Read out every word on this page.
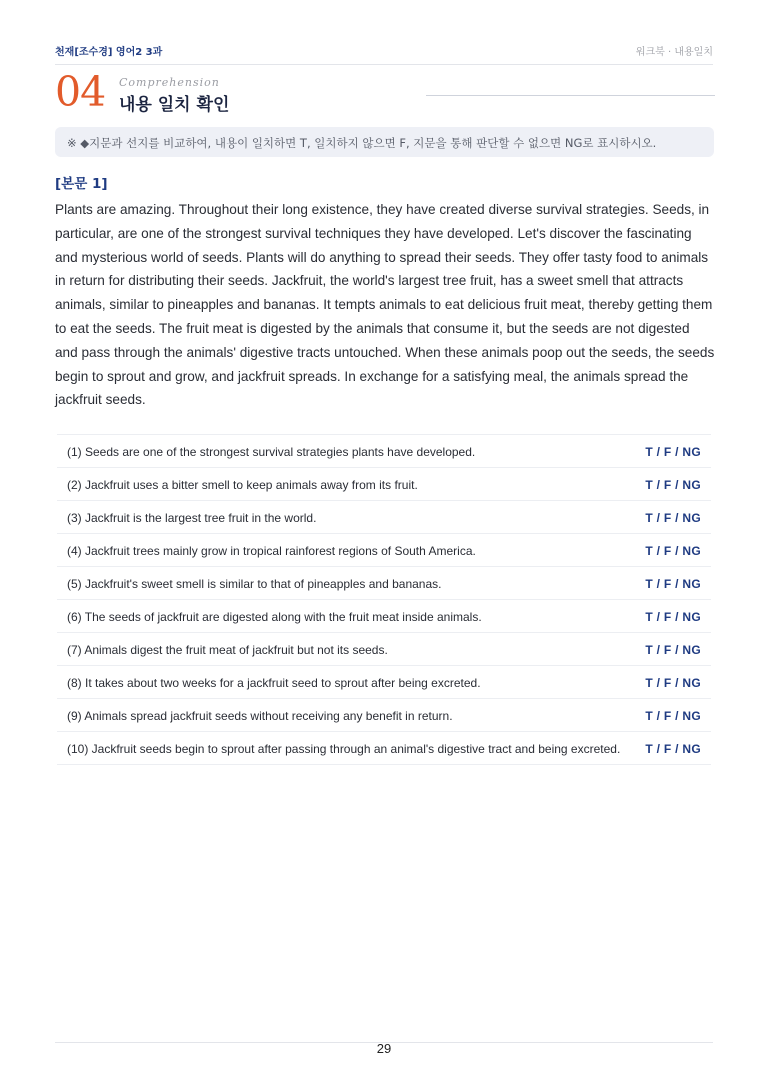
천재[조수경] 영어2 3과	워크북 · 내용일치
04 Comprehension
내용 일치 확인
※ ◆지문과 선지를 비교하여, 내용이 일치하면 T, 일치하지 않으면 F, 지문을 통해 판단할 수 없으면 NG로 표시하시오.
[본문 1]
Plants are amazing. Throughout their long existence, they have created diverse survival strategies. Seeds, in particular, are one of the strongest survival techniques they have developed. Let's discover the fascinating and mysterious world of seeds. Plants will do anything to spread their seeds. They offer tasty food to animals in return for distributing their seeds. Jackfruit, the world's largest tree fruit, has a sweet smell that attracts animals, similar to pineapples and bananas. It tempts animals to eat delicious fruit meat, thereby getting them to eat the seeds. The fruit meat is digested by the animals that consume it, but the seeds are not digested and pass through the animals' digestive tracts untouched. When these animals poop out the seeds, the seeds begin to sprout and grow, and jackfruit spreads. In exchange for a satisfying meal, the animals spread the jackfruit seeds.
(1) Seeds are one of the strongest survival strategies plants have developed.	T / F / NG
(2) Jackfruit uses a bitter smell to keep animals away from its fruit.	T / F / NG
(3) Jackfruit is the largest tree fruit in the world.	T / F / NG
(4) Jackfruit trees mainly grow in tropical rainforest regions of South America.	T / F / NG
(5) Jackfruit's sweet smell is similar to that of pineapples and bananas.	T / F / NG
(6) The seeds of jackfruit are digested along with the fruit meat inside animals.	T / F / NG
(7) Animals digest the fruit meat of jackfruit but not its seeds.	T / F / NG
(8) It takes about two weeks for a jackfruit seed to sprout after being excreted.	T / F / NG
(9) Animals spread jackfruit seeds without receiving any benefit in return.	T / F / NG
(10) Jackfruit seeds begin to sprout after passing through an animal's digestive tract and being excreted. T / F / NG
29
